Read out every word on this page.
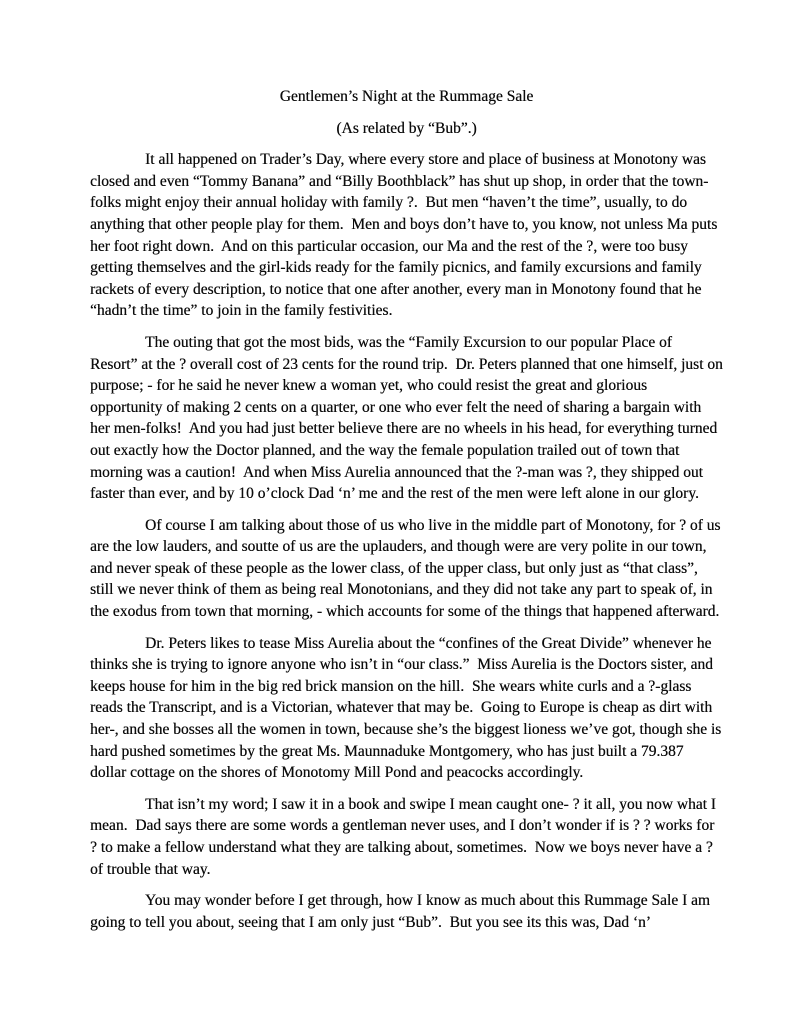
Gentlemen’s Night at the Rummage Sale

(As related by “Bub”.)

It all happened on Trader’s Day, where every store and place of business at Monotony was closed and even “Tommy Banana” and “Billy Boothblack” has shut up shop, in order that the town-folks might enjoy their annual holiday with family ?.  But men “haven’t the time”, usually, to do anything that other people play for them.  Men and boys don’t have to, you know, not unless Ma puts her foot right down.  And on this particular occasion, our Ma and the rest of the ?, were too busy getting themselves and the girl-kids ready for the family picnics, and family excursions and family rackets of every description, to notice that one after another, every man in Monotony found that he “hadn’t the time” to join in the family festivities.

The outing that got the most bids, was the “Family Excursion to our popular Place of Resort” at the ? overall cost of 23 cents for the round trip.  Dr. Peters planned that one himself, just on purpose; - for he said he never knew a woman yet, who could resist the great and glorious opportunity of making 2 cents on a quarter, or one who ever felt the need of sharing a bargain with her men-folks!  And you had just better believe there are no wheels in his head, for everything turned out exactly how the Doctor planned, and the way the female population trailed out of town that morning was a caution!  And when Miss Aurelia announced that the ?-man was ?, they shipped out faster than ever, and by 10 o’clock Dad ‘n’ me and the rest of the men were left alone in our glory.

Of course I am talking about those of us who live in the middle part of Monotony, for ? of us are the low lauders, and soutte of us are the uplauders, and though were are very polite in our town, and never speak of these people as the lower class, of the upper class, but only just as “that class”, still we never think of them as being real Monotonians, and they did not take any part to speak of, in the exodus from town that morning, - which accounts for some of the things that happened afterward.

Dr. Peters likes to tease Miss Aurelia about the “confines of the Great Divide” whenever he thinks she is trying to ignore anyone who isn’t in “our class.”  Miss Aurelia is the Doctors sister, and keeps house for him in the big red brick mansion on the hill.  She wears white curls and a ?-glass reads the Transcript, and is a Victorian, whatever that may be.  Going to Europe is cheap as dirt with her-, and she bosses all the women in town, because she’s the biggest lioness we’ve got, though she is hard pushed sometimes by the great Ms. Maunnaduke Montgomery, who has just built a 79.387 dollar cottage on the shores of Monotomy Mill Pond and peacocks accordingly.

That isn’t my word; I saw it in a book and swipe I mean caught one- ? it all, you now what I mean.  Dad says there are some words a gentleman never uses, and I don’t wonder if is ? ? works for ? to make a fellow understand what they are talking about, sometimes.  Now we boys never have a ? of trouble that way.

You may wonder before I get through, how I know as much about this Rummage Sale I am going to tell you about, seeing that I am only just “Bub”.  But you see its this was, Dad ‘n’
